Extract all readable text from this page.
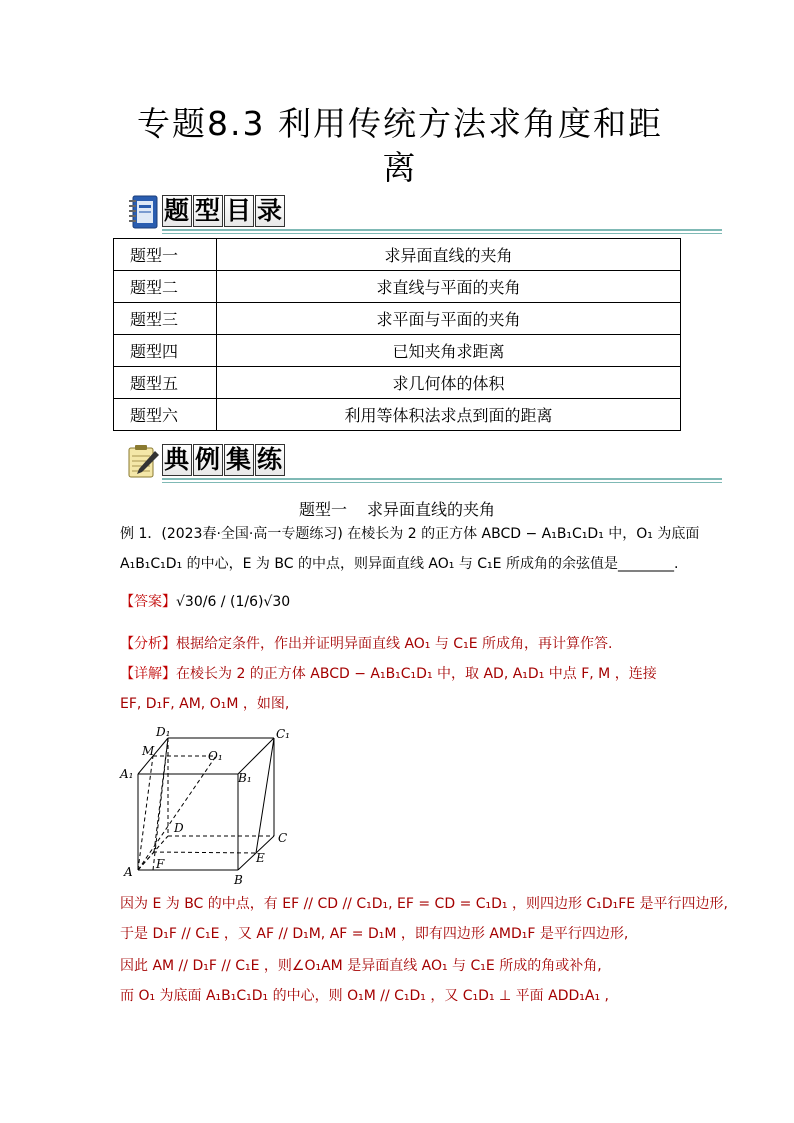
专题8.3 利用传统方法求角度和距
离
题 型 目 录
题型一	求异面直线的夹角
题型二	求直线与平面的夹角
题型三	求平面与平面的夹角
题型四	已知夹角求距离
题型五	求几何体的体积
题型六	利用等体积法求点到面的距离
典 例 集 练
题型一 求异面直线的夹角
例 1．(2023春·全国·高一专题练习) 在棱长为 2 的正方体 ABCD − A₁B₁C₁D₁ 中，O₁ 为底面
A₁B₁C₁D₁ 的中心，E 为 BC 的中点，则异面直线 AO₁ 与 C₁E 所成角的余弦值是________.
【答案】√30/6 / (1/6)√30
【分析】根据给定条件，作出并证明异面直线 AO₁ 与 C₁E 所成角，再计算作答.
【详解】在棱长为 2 的正方体 ABCD − A₁B₁C₁D₁ 中，取 AD, A₁D₁ 中点 F, M ，连接
EF, D₁F, AM, O₁M ，如图,
D₁	C₁
M	O₁
A₁	B₁
D
C
A
F	E
B
因为 E 为 BC 的中点，有 EF // CD // C₁D₁, EF = CD = C₁D₁ ，则四边形 C₁D₁FE 是平行四边形,
于是 D₁F // C₁E ，又 AF // D₁M, AF = D₁M ，即有四边形 AMD₁F 是平行四边形,
因此 AM // D₁F // C₁E ，则∠O₁AM 是异面直线 AO₁ 与 C₁E 所成的角或补角,
而 O₁ 为底面 A₁B₁C₁D₁ 的中心，则 O₁M // C₁D₁ ，又 C₁D₁ ⊥ 平面 ADD₁A₁ ,
